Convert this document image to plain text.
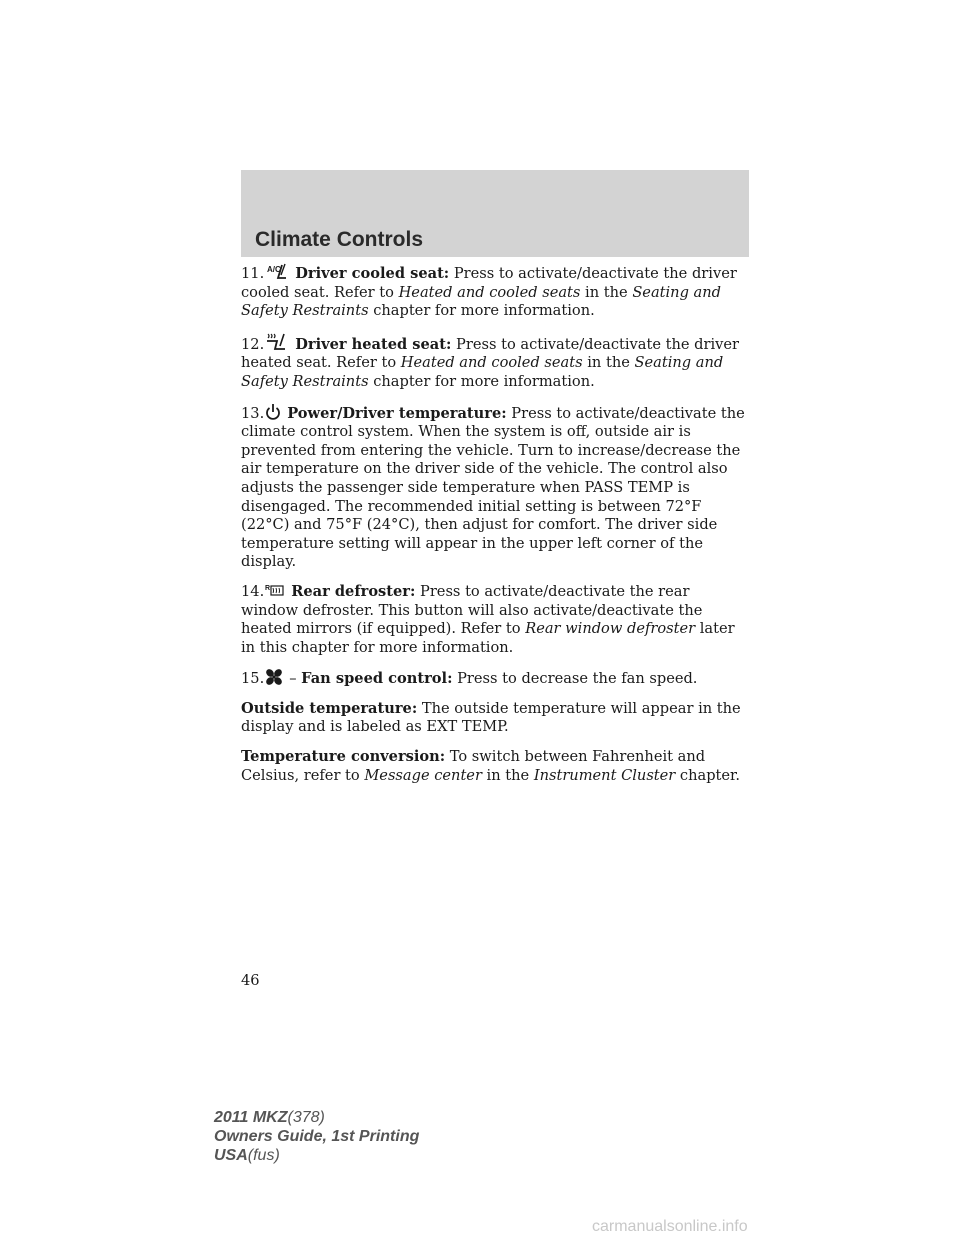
Climate Controls

11. A/C Driver cooled seat: Press to activate/deactivate the driver cooled seat. Refer to Heated and cooled seats in the Seating and Safety Restraints chapter for more information.

12. Driver heated seat: Press to activate/deactivate the driver heated seat. Refer to Heated and cooled seats in the Seating and Safety Restraints chapter for more information.

13. Power/Driver temperature: Press to activate/deactivate the climate control system. When the system is off, outside air is prevented from entering the vehicle. Turn to increase/decrease the air temperature on the driver side of the vehicle. The control also adjusts the passenger side temperature when PASS TEMP is disengaged. The recommended initial setting is between 72°F (22°C) and 75°F (24°C), then adjust for comfort. The driver side temperature setting will appear in the upper left corner of the display.

14. R Rear defroster: Press to activate/deactivate the rear window defroster. This button will also activate/deactivate the heated mirrors (if equipped). Refer to Rear window defroster later in this chapter for more information.

15. – Fan speed control: Press to decrease the fan speed.

Outside temperature: The outside temperature will appear in the display and is labeled as EXT TEMP.

Temperature conversion: To switch between Fahrenheit and Celsius, refer to Message center in the Instrument Cluster chapter.

46
2011 MKZ(378)
Owners Guide, 1st Printing
USA(fus)
carmanualsonline.info
